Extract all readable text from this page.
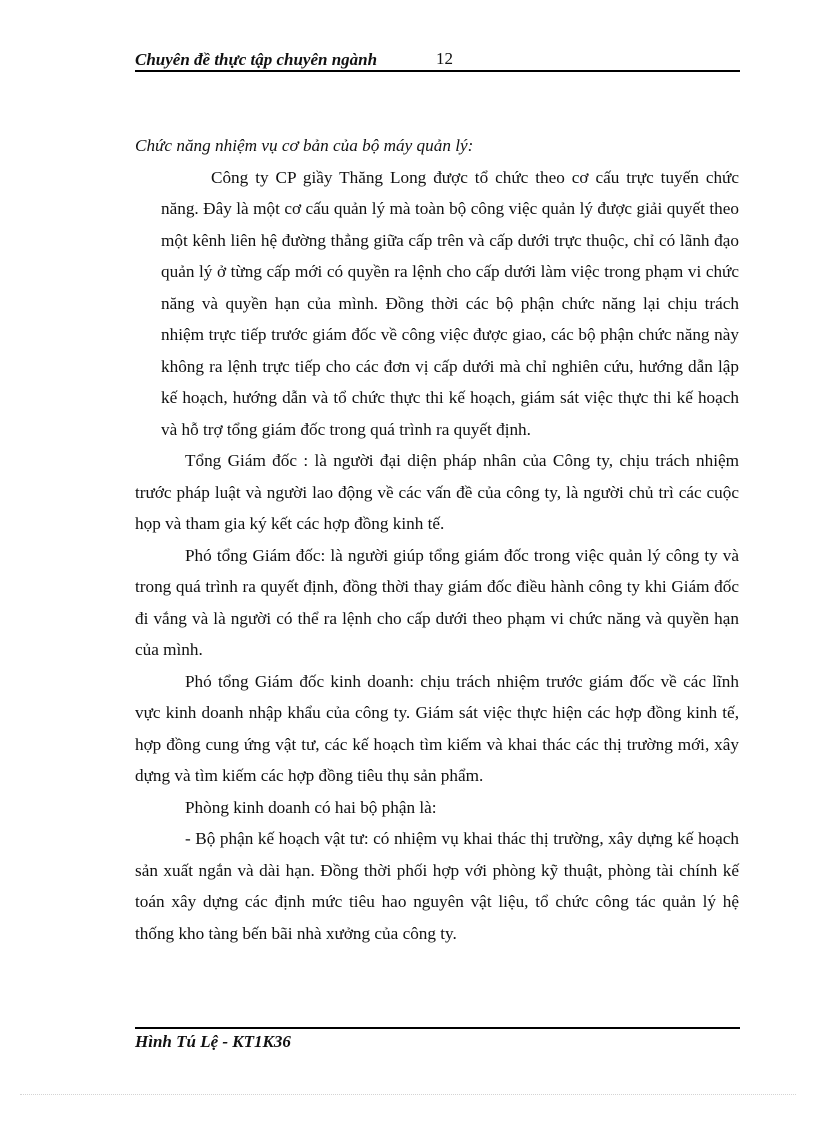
Chuyên đề thực tập chuyên ngành	12

Chức năng nhiệm vụ cơ bản của bộ máy quản lý:

Công ty CP giầy Thăng Long được tổ chức theo cơ cấu trực tuyến chức năng. Đây là một cơ cấu quản lý mà toàn bộ công việc quản lý được giải quyết theo một kênh liên hệ đường thẳng giữa cấp trên và cấp dưới trực thuộc, chỉ có lãnh đạo quản lý ở từng cấp mới có quyền ra lệnh cho cấp dưới làm việc trong phạm vi chức năng và quyền hạn của mình. Đồng thời các bộ phận chức năng lại chịu trách nhiệm trực tiếp trước giám đốc về công việc được giao, các bộ phận chức năng này không ra lệnh trực tiếp cho các đơn vị cấp dưới mà chỉ nghiên cứu, hướng dẫn lập kế hoạch, hướng dẫn và tổ chức thực thi kế hoạch, giám sát việc thực thi kế hoạch và hỗ trợ tổng giám đốc trong quá trình ra quyết định.

Tổng Giám đốc : là người đại diện pháp nhân của Công ty, chịu trách nhiệm trước pháp luật và người lao động về các vấn đề của công ty, là người chủ trì các cuộc họp và tham gia ký kết các hợp đồng kinh tế.

Phó tổng Giám đốc: là người giúp tổng giám đốc trong việc quản lý công ty và trong quá trình ra quyết định, đồng thời thay giám đốc điều hành công ty khi Giám đốc đi vắng và là người có thể ra lệnh cho cấp dưới theo phạm vi chức năng và quyền hạn của mình.

Phó tổng Giám đốc kinh doanh: chịu trách nhiệm trước giám đốc về các lĩnh vực kinh doanh nhập khẩu của công ty. Giám sát việc thực hiện các hợp đồng kinh tế, hợp đồng cung ứng vật tư, các kế hoạch tìm kiếm và khai thác các thị trường mới, xây dựng và tìm kiếm các hợp đồng tiêu thụ sản phẩm.

Phòng kinh doanh có hai bộ phận là:

- Bộ phận kế hoạch vật tư: có nhiệm vụ khai thác thị trường, xây dựng kế hoạch sản xuất ngắn và dài hạn. Đồng thời phối hợp với phòng kỹ thuật, phòng tài chính kế toán xây dựng các định mức tiêu hao nguyên vật liệu, tổ chức công tác quản lý hệ thống kho tàng bến bãi nhà xưởng của công ty.

Hình Tú Lệ - KT1K36
